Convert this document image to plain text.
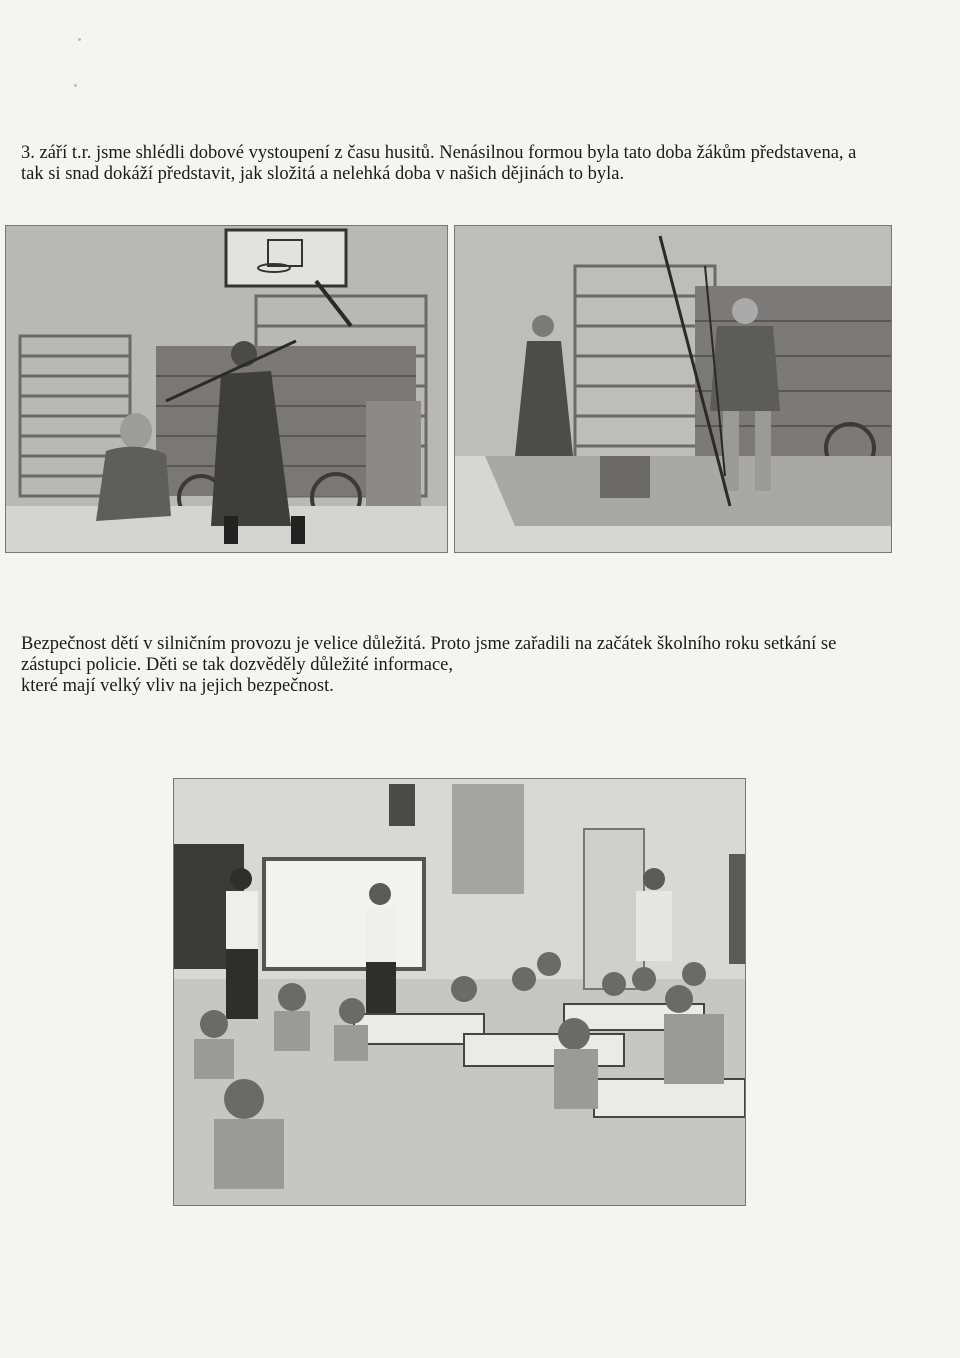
3. září t.r. jsme shlédli dobové vystoupení z času husitů. Nenásilnou formou byla tato doba žákům představena, a
tak si snad dokáží představit, jak složitá a nelehká doba v našich dějinách to byla.

Bezpečnost dětí v silničním provozu je velice důležitá. Proto jsme zařadili na začátek školního roku setkání se
zástupci policie. Děti se tak dozvěděly důležité informace,
které mají velký vliv na jejich bezpečnost.
